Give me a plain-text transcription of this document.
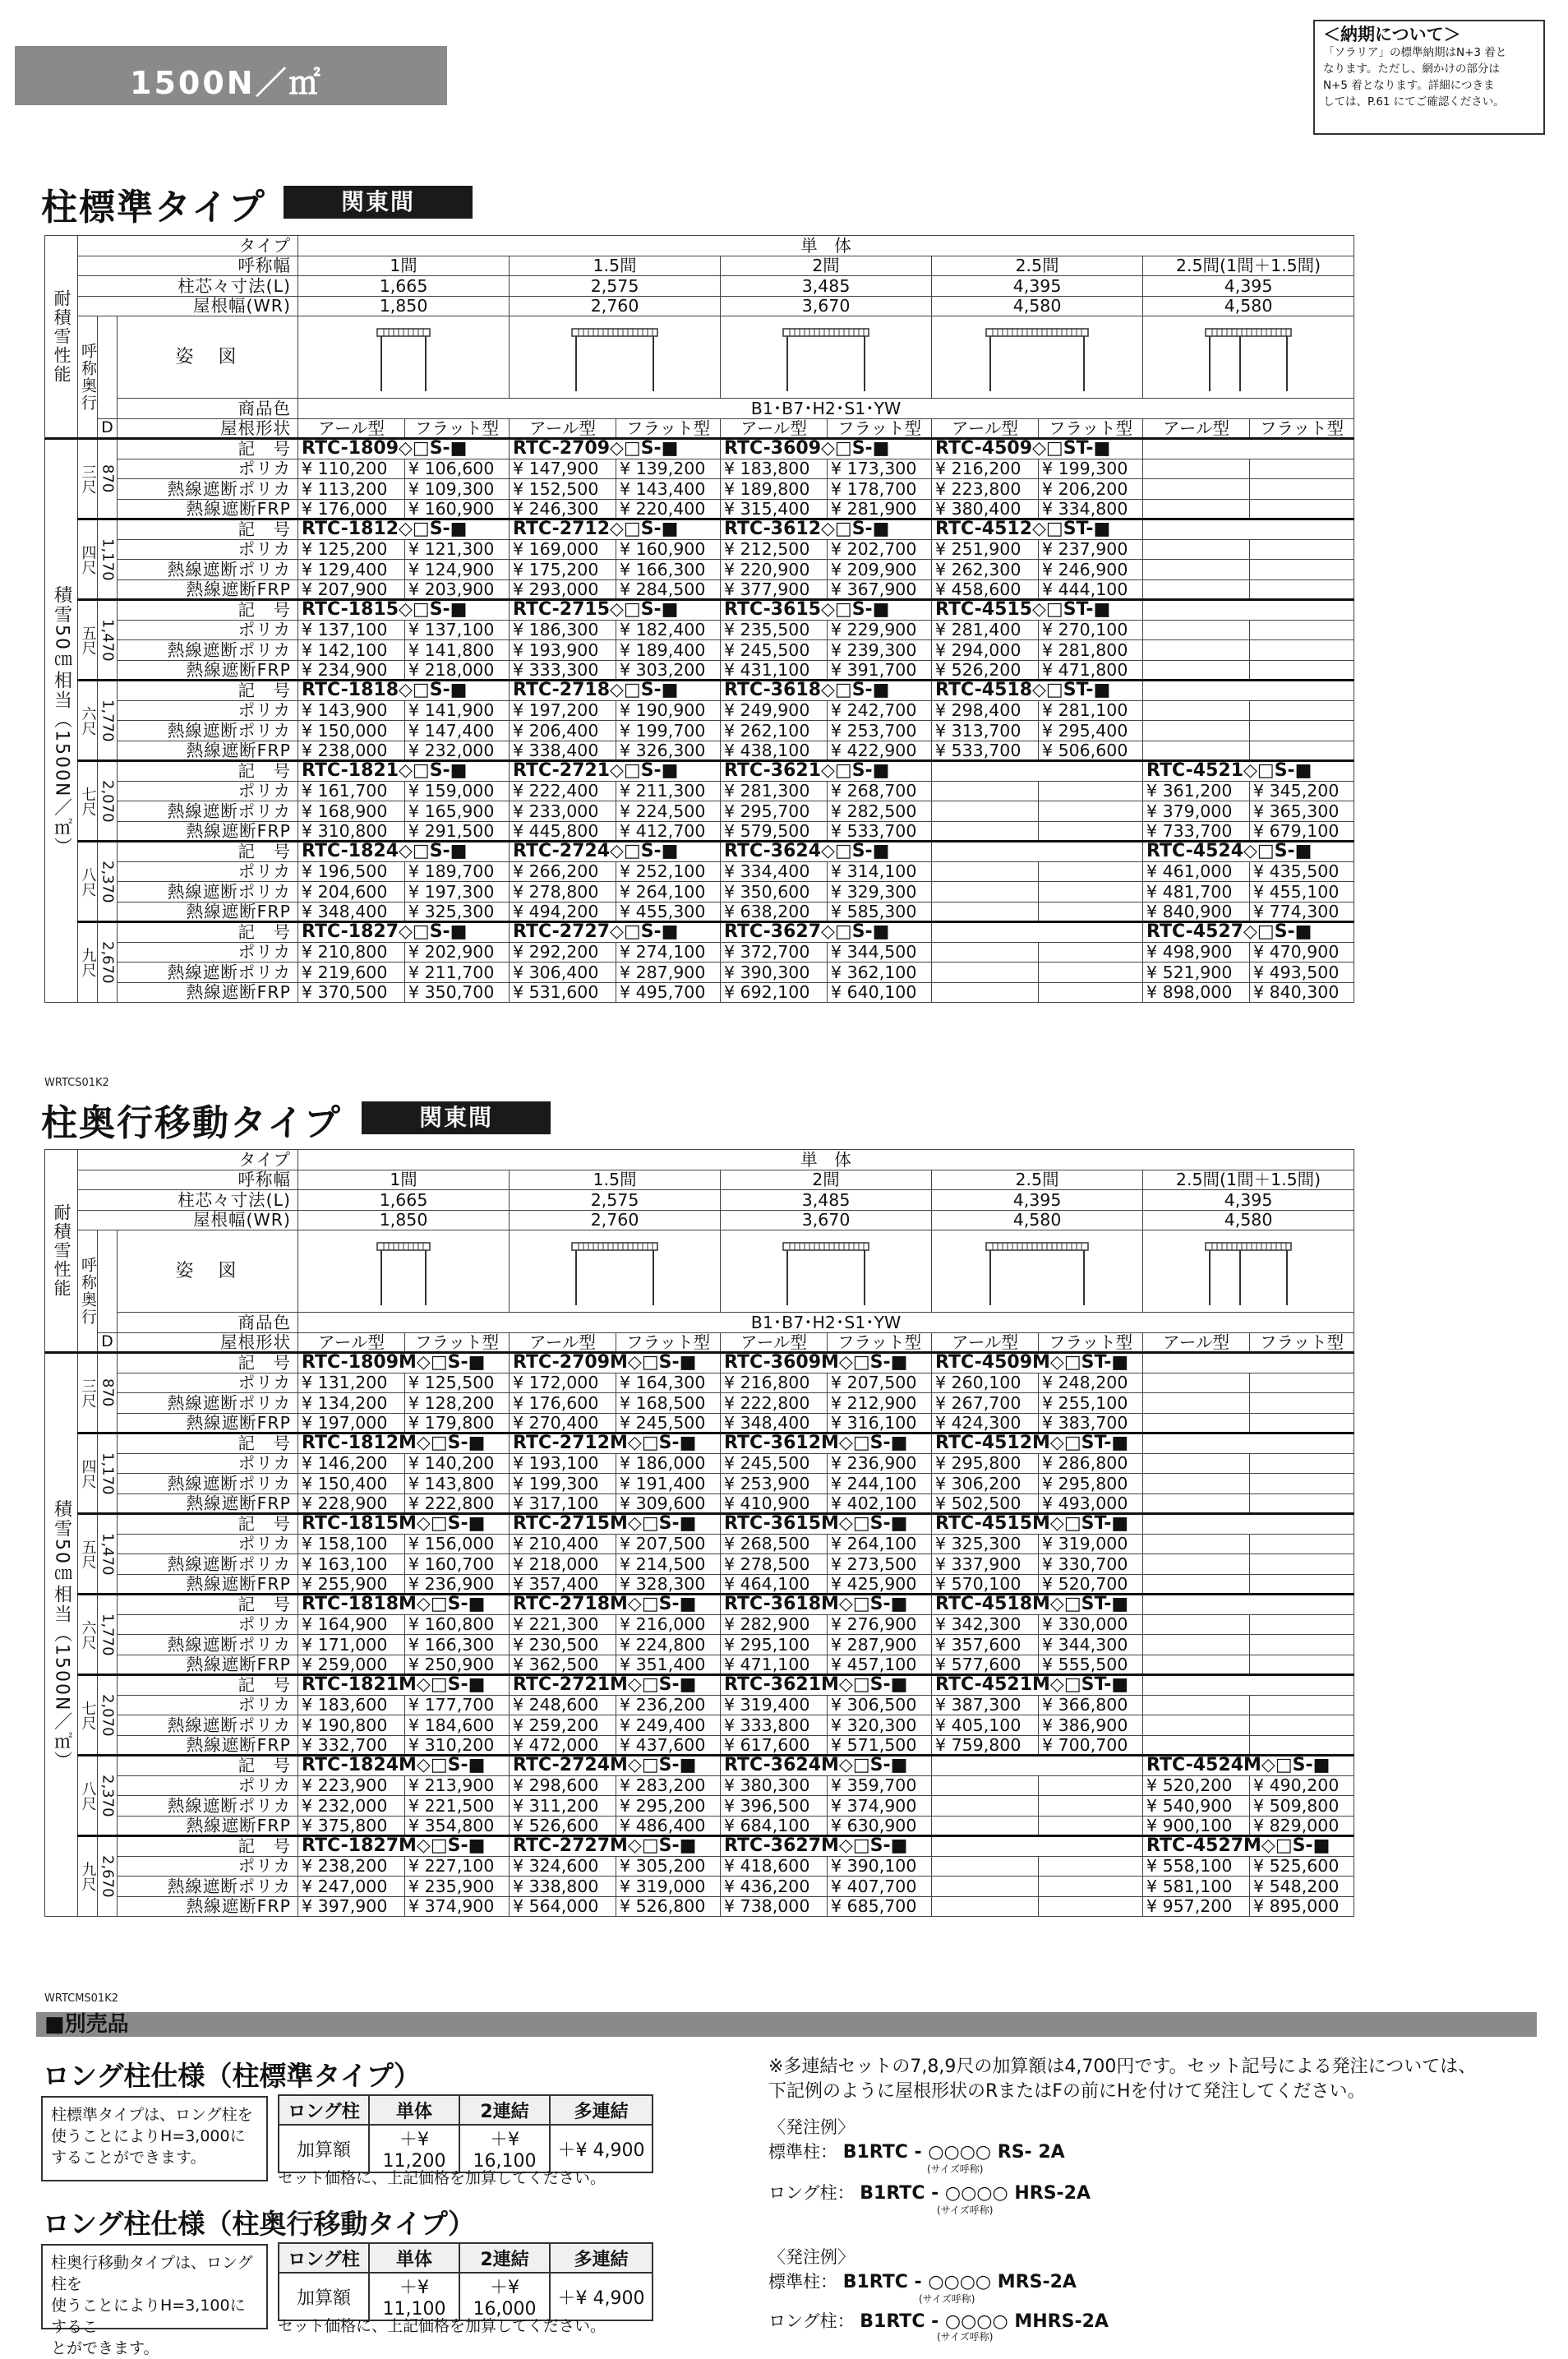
1500N／㎡
＜納期について＞
「ソラリア」の標準納期はN+3 着と
なります。ただし、網かけの部分は
N+5 着となります。詳細につきま
しては、P.61 にてご確認ください。
柱標準タイプ	関東間
耐積雪性能	タイプ			単　体									
	呼称幅			1間		1.5間		2間		2.5間		2.5間(1間＋1.5間)	
	柱芯々寸法(L)			1,665		2,575		3,485		4,395		4,395	
	屋根幅(WR)			1,850		2,760		3,670		4,580		4,580	
	呼称奥行		姿　図	

			商品色	B1･B7･H2･S1･YW									
		D	屋根形状	アール型	フラット型	アール型	フラット型	アール型	フラット型	アール型	フラット型	アール型	フラット型
積雪50㎝相当（1500N／㎡）	三尺	870	記　号	RTC-1809◇□S-■		RTC-2709◇□S-■		RTC-3609◇□S-■		RTC-4509◇□ST-■			
			ポリカ	¥ 110,200	¥ 106,600	¥ 147,900	¥ 139,200	¥ 183,800	¥ 173,300	¥ 216,200	¥ 199,300		
			熱線遮断ポリカ	¥ 113,200	¥ 109,300	¥ 152,500	¥ 143,400	¥ 189,800	¥ 178,700	¥ 223,800	¥ 206,200		
			熱線遮断FRP	¥ 176,000	¥ 160,900	¥ 246,300	¥ 220,400	¥ 315,400	¥ 281,900	¥ 380,400	¥ 334,800		
	四尺	1,170	記　号	RTC-1812◇□S-■		RTC-2712◇□S-■		RTC-3612◇□S-■		RTC-4512◇□ST-■			
			ポリカ	¥ 125,200	¥ 121,300	¥ 169,000	¥ 160,900	¥ 212,500	¥ 202,700	¥ 251,900	¥ 237,900		
			熱線遮断ポリカ	¥ 129,400	¥ 124,900	¥ 175,200	¥ 166,300	¥ 220,900	¥ 209,900	¥ 262,300	¥ 246,900		
			熱線遮断FRP	¥ 207,900	¥ 203,900	¥ 293,000	¥ 284,500	¥ 377,900	¥ 367,900	¥ 458,600	¥ 444,100		
	五尺	1,470	記　号	RTC-1815◇□S-■		RTC-2715◇□S-■		RTC-3615◇□S-■		RTC-4515◇□ST-■			
			ポリカ	¥ 137,100	¥ 137,100	¥ 186,300	¥ 182,400	¥ 235,500	¥ 229,900	¥ 281,400	¥ 270,100		
			熱線遮断ポリカ	¥ 142,100	¥ 141,800	¥ 193,900	¥ 189,400	¥ 245,500	¥ 239,300	¥ 294,000	¥ 281,800		
			熱線遮断FRP	¥ 234,900	¥ 218,000	¥ 333,300	¥ 303,200	¥ 431,100	¥ 391,700	¥ 526,200	¥ 471,800		
	六尺	1,770	記　号	RTC-1818◇□S-■		RTC-2718◇□S-■		RTC-3618◇□S-■		RTC-4518◇□ST-■			
			ポリカ	¥ 143,900	¥ 141,900	¥ 197,200	¥ 190,900	¥ 249,900	¥ 242,700	¥ 298,400	¥ 281,100		
			熱線遮断ポリカ	¥ 150,000	¥ 147,400	¥ 206,400	¥ 199,700	¥ 262,100	¥ 253,700	¥ 313,700	¥ 295,400		
			熱線遮断FRP	¥ 238,000	¥ 232,000	¥ 338,400	¥ 326,300	¥ 438,100	¥ 422,900	¥ 533,700	¥ 506,600		
	七尺	2,070	記　号	RTC-1821◇□S-■		RTC-2721◇□S-■		RTC-3621◇□S-■				RTC-4521◇□S-■	
			ポリカ	¥ 161,700	¥ 159,000	¥ 222,400	¥ 211,300	¥ 281,300	¥ 268,700			¥ 361,200	¥ 345,200
			熱線遮断ポリカ	¥ 168,900	¥ 165,900	¥ 233,000	¥ 224,500	¥ 295,700	¥ 282,500			¥ 379,000	¥ 365,300
			熱線遮断FRP	¥ 310,800	¥ 291,500	¥ 445,800	¥ 412,700	¥ 579,500	¥ 533,700			¥ 733,700	¥ 679,100
	八尺	2,370	記　号	RTC-1824◇□S-■		RTC-2724◇□S-■		RTC-3624◇□S-■				RTC-4524◇□S-■	
			ポリカ	¥ 196,500	¥ 189,700	¥ 266,200	¥ 252,100	¥ 334,400	¥ 314,100			¥ 461,000	¥ 435,500
			熱線遮断ポリカ	¥ 204,600	¥ 197,300	¥ 278,800	¥ 264,100	¥ 350,600	¥ 329,300			¥ 481,700	¥ 455,100
			熱線遮断FRP	¥ 348,400	¥ 325,300	¥ 494,200	¥ 455,300	¥ 638,200	¥ 585,300			¥ 840,900	¥ 774,300
	九尺	2,670	記　号	RTC-1827◇□S-■		RTC-2727◇□S-■		RTC-3627◇□S-■				RTC-4527◇□S-■	
			ポリカ	¥ 210,800	¥ 202,900	¥ 292,200	¥ 274,100	¥ 372,700	¥ 344,500			¥ 498,900	¥ 470,900
			熱線遮断ポリカ	¥ 219,600	¥ 211,700	¥ 306,400	¥ 287,900	¥ 390,300	¥ 362,100			¥ 521,900	¥ 493,500
			熱線遮断FRP	¥ 370,500	¥ 350,700	¥ 531,600	¥ 495,700	¥ 692,100	¥ 640,100			¥ 898,000	¥ 840,300
WRTCS01K2
柱奥行移動タイプ	関東間
耐積雪性能	タイプ			単　体									
	呼称幅			1間		1.5間		2間		2.5間		2.5間(1間＋1.5間)	
	柱芯々寸法(L)			1,665		2,575		3,485		4,395		4,395	
	屋根幅(WR)			1,850		2,760		3,670		4,580		4,580	
	呼称奥行		姿　図	

			商品色	B1･B7･H2･S1･YW									
		D	屋根形状	アール型	フラット型	アール型	フラット型	アール型	フラット型	アール型	フラット型	アール型	フラット型
積雪50㎝相当（1500N／㎡）	三尺	870	記　号	RTC-1809M◇□S-■		RTC-2709M◇□S-■		RTC-3609M◇□S-■		RTC-4509M◇□ST-■			
			ポリカ	¥ 131,200	¥ 125,500	¥ 172,000	¥ 164,300	¥ 216,800	¥ 207,500	¥ 260,100	¥ 248,200		
			熱線遮断ポリカ	¥ 134,200	¥ 128,200	¥ 176,600	¥ 168,500	¥ 222,800	¥ 212,900	¥ 267,700	¥ 255,100		
			熱線遮断FRP	¥ 197,000	¥ 179,800	¥ 270,400	¥ 245,500	¥ 348,400	¥ 316,100	¥ 424,300	¥ 383,700		
	四尺	1,170	記　号	RTC-1812M◇□S-■		RTC-2712M◇□S-■		RTC-3612M◇□S-■		RTC-4512M◇□ST-■			
			ポリカ	¥ 146,200	¥ 140,200	¥ 193,100	¥ 186,000	¥ 245,500	¥ 236,900	¥ 295,800	¥ 286,800		
			熱線遮断ポリカ	¥ 150,400	¥ 143,800	¥ 199,300	¥ 191,400	¥ 253,900	¥ 244,100	¥ 306,200	¥ 295,800		
			熱線遮断FRP	¥ 228,900	¥ 222,800	¥ 317,100	¥ 309,600	¥ 410,900	¥ 402,100	¥ 502,500	¥ 493,000		
	五尺	1,470	記　号	RTC-1815M◇□S-■		RTC-2715M◇□S-■		RTC-3615M◇□S-■		RTC-4515M◇□ST-■			
			ポリカ	¥ 158,100	¥ 156,000	¥ 210,400	¥ 207,500	¥ 268,500	¥ 264,100	¥ 325,300	¥ 319,000		
			熱線遮断ポリカ	¥ 163,100	¥ 160,700	¥ 218,000	¥ 214,500	¥ 278,500	¥ 273,500	¥ 337,900	¥ 330,700		
			熱線遮断FRP	¥ 255,900	¥ 236,900	¥ 357,400	¥ 328,300	¥ 464,100	¥ 425,900	¥ 570,100	¥ 520,700		
	六尺	1,770	記　号	RTC-1818M◇□S-■		RTC-2718M◇□S-■		RTC-3618M◇□S-■		RTC-4518M◇□ST-■			
			ポリカ	¥ 164,900	¥ 160,800	¥ 221,300	¥ 216,000	¥ 282,900	¥ 276,900	¥ 342,300	¥ 330,000		
			熱線遮断ポリカ	¥ 171,000	¥ 166,300	¥ 230,500	¥ 224,800	¥ 295,100	¥ 287,900	¥ 357,600	¥ 344,300		
			熱線遮断FRP	¥ 259,000	¥ 250,900	¥ 362,500	¥ 351,400	¥ 471,100	¥ 457,100	¥ 577,600	¥ 555,500		
	七尺	2,070	記　号	RTC-1821M◇□S-■		RTC-2721M◇□S-■		RTC-3621M◇□S-■		RTC-4521M◇□ST-■			
			ポリカ	¥ 183,600	¥ 177,700	¥ 248,600	¥ 236,200	¥ 319,400	¥ 306,500	¥ 387,300	¥ 366,800		
			熱線遮断ポリカ	¥ 190,800	¥ 184,600	¥ 259,200	¥ 249,400	¥ 333,800	¥ 320,300	¥ 405,100	¥ 386,900		
			熱線遮断FRP	¥ 332,700	¥ 310,200	¥ 472,000	¥ 437,600	¥ 617,600	¥ 571,500	¥ 759,800	¥ 700,700		
	八尺	2,370	記　号	RTC-1824M◇□S-■		RTC-2724M◇□S-■		RTC-3624M◇□S-■				RTC-4524M◇□S-■	
			ポリカ	¥ 223,900	¥ 213,900	¥ 298,600	¥ 283,200	¥ 380,300	¥ 359,700			¥ 520,200	¥ 490,200
			熱線遮断ポリカ	¥ 232,000	¥ 221,500	¥ 311,200	¥ 295,200	¥ 396,500	¥ 374,900			¥ 540,900	¥ 509,800
			熱線遮断FRP	¥ 375,800	¥ 354,800	¥ 526,600	¥ 486,400	¥ 684,100	¥ 630,900			¥ 900,100	¥ 829,000
	九尺	2,670	記　号	RTC-1827M◇□S-■		RTC-2727M◇□S-■		RTC-3627M◇□S-■				RTC-4527M◇□S-■	
			ポリカ	¥ 238,200	¥ 227,100	¥ 324,600	¥ 305,200	¥ 418,600	¥ 390,100			¥ 558,100	¥ 525,600
			熱線遮断ポリカ	¥ 247,000	¥ 235,900	¥ 338,800	¥ 319,000	¥ 436,200	¥ 407,700			¥ 581,100	¥ 548,200
			熱線遮断FRP	¥ 397,900	¥ 374,900	¥ 564,000	¥ 526,800	¥ 738,000	¥ 685,700			¥ 957,200	¥ 895,000
WRTCMS01K2
■別売品
ロング柱仕様（柱標準タイプ）
柱標準タイプは、ロング柱を
使うことによりH=3,000に
することができます。
ロング柱	単体	2連結	多連結
加算額	＋¥ 11,200	＋¥ 16,100	＋¥ 4,900
セット価格に、上記価格を加算してください。
ロング柱仕様（柱奥行移動タイプ）
柱奥行移動タイプは、ロング柱を
使うことによりH=3,100にするこ
とができます。
ロング柱	単体	2連結	多連結
加算額	＋¥ 11,100	＋¥ 16,000	＋¥ 4,900
セット価格に、上記価格を加算してください。
※多連結セットの7,8,9尺の加算額は4,700円です。セット記号による発注については、
下記例のように屋根形状のRまたはFの前にHを付けて発注してください。
〈発注例〉
標準柱： B1RTC - ○○○○ RS- 2A
(サイズ呼称)
ロング柱： B1RTC - ○○○○ HRS-2A
(サイズ呼称)
〈発注例〉
標準柱： B1RTC - ○○○○ MRS-2A
(サイズ呼称)
ロング柱： B1RTC - ○○○○ MHRS-2A
(サイズ呼称)
